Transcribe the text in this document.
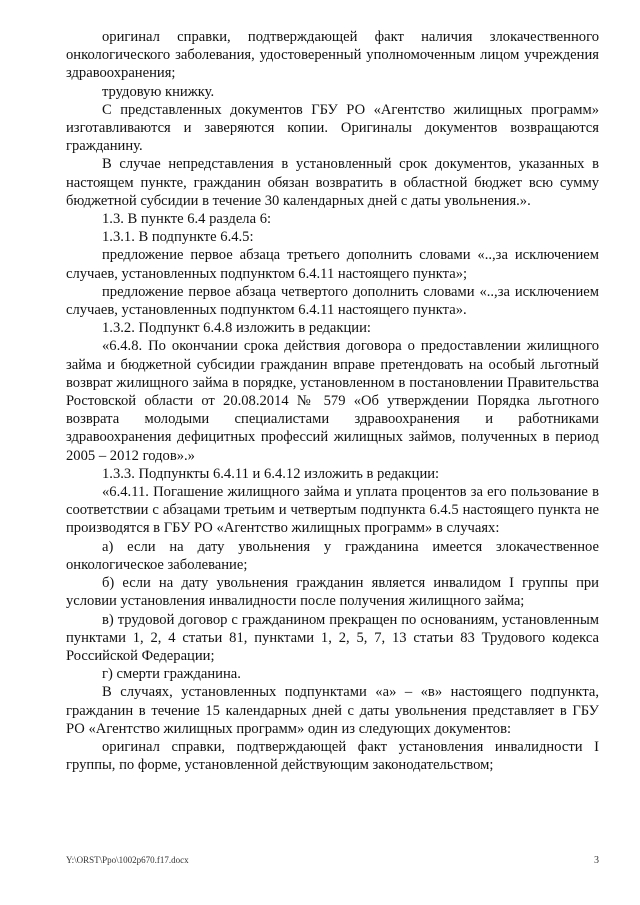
оригинал справки, подтверждающей факт наличия злокачественного онкологического заболевания, удостоверенный уполномоченным лицом учреждения здравоохранения;

трудовую книжку.

С представленных документов ГБУ РО «Агентство жилищных программ» изготавливаются и заверяются копии. Оригиналы документов возвращаются гражданину.

В случае непредставления в установленный срок документов, указанных в настоящем пункте, гражданин обязан возвратить в областной бюджет всю сумму бюджетной субсидии в течение 30 календарных дней с даты увольнения.».

1.3. В пункте 6.4 раздела 6:

1.3.1. В подпункте 6.4.5:

предложение первое абзаца третьего дополнить словами «..,за исключением случаев, установленных подпунктом 6.4.11 настоящего пункта»;

предложение первое абзаца четвертого дополнить словами «..,за исключением случаев, установленных подпунктом 6.4.11 настоящего пункта».

1.3.2. Подпункт 6.4.8 изложить в редакции:

«6.4.8. По окончании срока действия договора о предоставлении жилищного займа и бюджетной субсидии гражданин вправе претендовать на особый льготный возврат жилищного займа в порядке, установленном в постановлении Правительства Ростовской области от 20.08.2014 № 579 «Об утверждении Порядка льготного возврата молодыми специалистами здравоохранения и работниками здравоохранения дефицитных профессий жилищных займов, полученных в период 2005 – 2012 годов».»

1.3.3. Подпункты 6.4.11 и 6.4.12 изложить в редакции:

«6.4.11. Погашение жилищного займа и уплата процентов за его пользование в соответствии с абзацами третьим и четвертым подпункта 6.4.5 настоящего пункта не производятся в ГБУ РО «Агентство жилищных программ» в случаях:

а) если на дату увольнения у гражданина имеется злокачественное онкологическое заболевание;

б) если на дату увольнения гражданин является инвалидом I группы при условии установления инвалидности после получения жилищного займа;

в) трудовой договор с гражданином прекращен по основаниям, установленным пунктами 1, 2, 4 статьи 81, пунктами 1, 2, 5, 7, 13 статьи 83 Трудового кодекса Российской Федерации;

г) смерти гражданина.

В случаях, установленных подпунктами «а» – «в» настоящего подпункта, гражданин в течение 15 календарных дней с даты увольнения представляет в ГБУ РО «Агентство жилищных программ» один из следующих документов:

оригинал справки, подтверждающей факт установления инвалидности I группы, по форме, установленной действующим законодательством;

Y:\ORST\Ppo\1002p670.f17.docx	3
